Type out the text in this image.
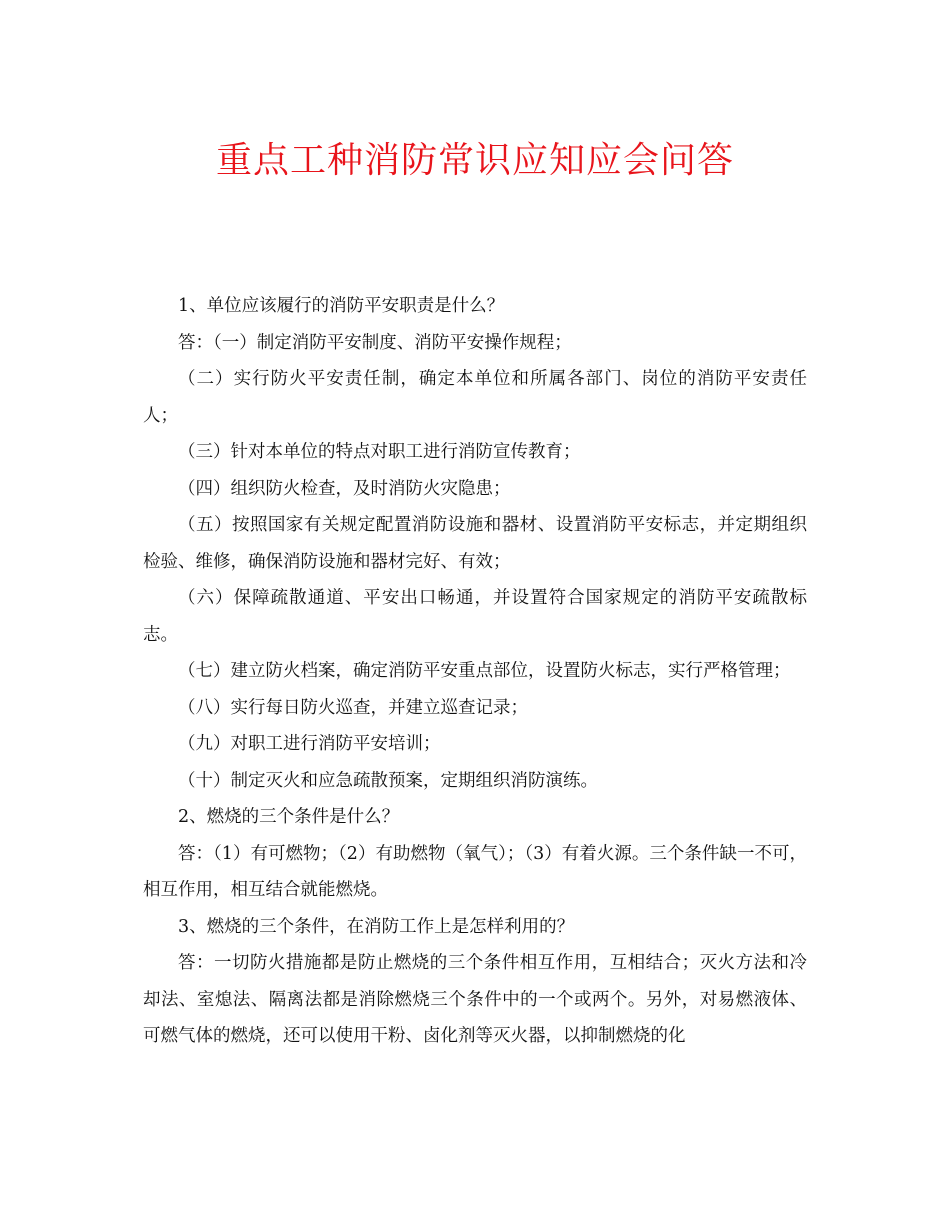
重点工种消防常识应知应会问答

1、单位应该履行的消防平安职责是什么？

答：（一）制定消防平安制度、消防平安操作规程；

（二）实行防火平安责任制，确定本单位和所属各部门、岗位的消防平安责任人；

（三）针对本单位的特点对职工进行消防宣传教育；

（四）组织防火检查，及时消防火灾隐患；

（五）按照国家有关规定配置消防设施和器材、设置消防平安标志，并定期组织检验、维修，确保消防设施和器材完好、有效；

（六）保障疏散通道、平安出口畅通，并设置符合国家规定的消防平安疏散标志。

（七）建立防火档案，确定消防平安重点部位，设置防火标志，实行严格管理；

（八）实行每日防火巡查，并建立巡查记录；

（九）对职工进行消防平安培训；

（十）制定灭火和应急疏散预案，定期组织消防演练。

2、燃烧的三个条件是什么？

答：（1）有可燃物；（2）有助燃物（氧气）；（3）有着火源。三个条件缺一不可，相互作用，相互结合就能燃烧。

3、燃烧的三个条件，在消防工作上是怎样利用的？

答：一切防火措施都是防止燃烧的三个条件相互作用，互相结合；灭火方法和冷却法、室熄法、隔离法都是消除燃烧三个条件中的一个或两个。另外，对易燃液体、可燃气体的燃烧，还可以使用干粉、卤化剂等灭火器，以抑制燃烧的化
